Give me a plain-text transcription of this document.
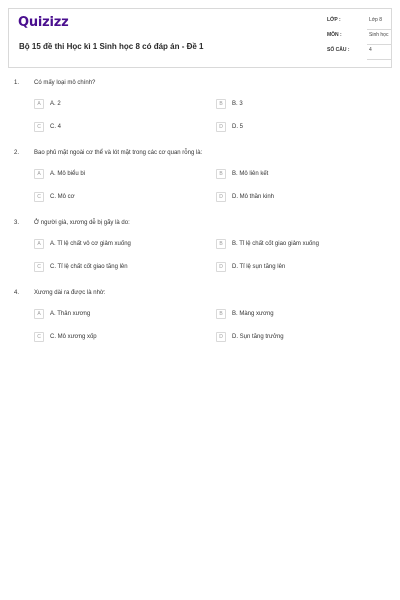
Quizizz
Bộ 15 đề thi Học kì 1 Sinh học 8 có đáp án - Đề 1
LỚP :	Lớp 8
MÔN :	Sinh học
SỐ CÂU :	4
1. Có mấy loại mô chính?
A	A. 2	B	B. 3
C	C. 4	D	D. 5
2. Bao phủ mặt ngoài cơ thể và lót mặt trong các cơ quan rỗng là:
A	A. Mô biểu bì	B	B. Mô liên kết
C	C. Mô cơ	D	D. Mô thần kinh
3. Ở người già, xương dễ bị gãy là do:
A	A. Tỉ lệ chất vô cơ giảm xuống	B	B. Tỉ lệ chất cốt giao giảm xuống
C	C. Tỉ lệ chất cốt giao tăng lên	D	D. Tỉ lệ sụn tăng lên
4. Xương dài ra được là nhờ:
A	A. Thân xương	B	B. Màng xương
C	C. Mô xương xốp	D	D. Sụn tăng trưởng
